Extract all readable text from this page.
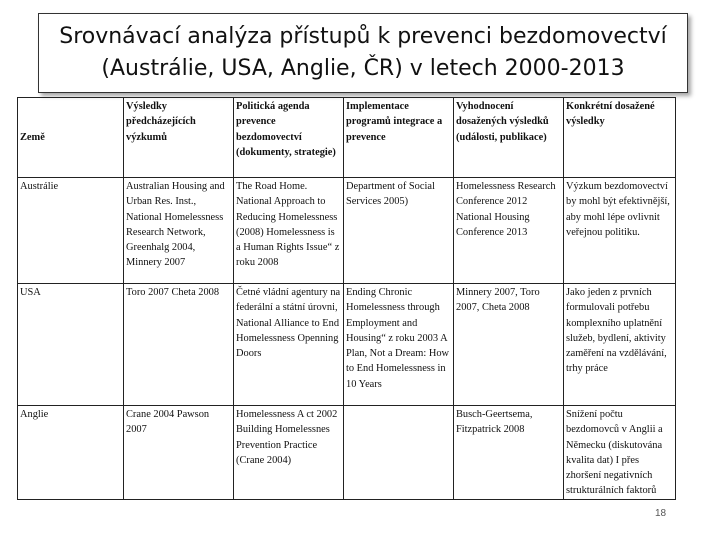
Srovnávací analýza přístupů k prevenci bezdomovectví
(Austrálie, USA, Anglie, ČR) v letech 2000-2013
Země	Výsledky předcházejících výzkumů	Politická agenda prevence bezdomovectví (dokumenty, strategie)	Implementace programů integrace a prevence	Vyhodnocení dosažených výsledků (události, publikace)	Konkrétní dosažené výsledky
Austrálie	Australian Housing and Urban Res. Inst., National Homelessness Research Network, Greenhalg 2004, Minnery 2007	The Road Home. National Approach to Reducing Homelessness (2008) Homelessness is a Human Rights Issue“ z roku 2008	Department of Social Services 2005)	Homelessness Research Conference 2012 National Housing Conference 2013	Výzkum bezdomovectví by mohl být efektivnější, aby mohl lépe ovlivnit veřejnou politiku.
USA	Toro 2007 Cheta 2008	Četné vládní agentury na federální a státní úrovni, National Alliance to End Homelessness Openning Doors	Ending Chronic Homelessness through Employment and Housing“ z roku 2003 A Plan, Not a Dream: How to End Homelessness in 10 Years	Minnery 2007, Toro 2007, Cheta 2008	Jako jeden z prvních formulovali potřebu komplexního uplatnění služeb, bydlení, aktivity zaměření na vzdělávání, trhy práce
Anglie	Crane 2004 Pawson 2007	Homelessness A ct 2002 Building Homelessnes Prevention Practice (Crane 2004)		Busch-Geertsema, Fitzpatrick 2008	Snížení počtu bezdomovců v Anglii a Německu (diskutována kvalita dat) I přes zhoršení negativních strukturálních faktorů
18
